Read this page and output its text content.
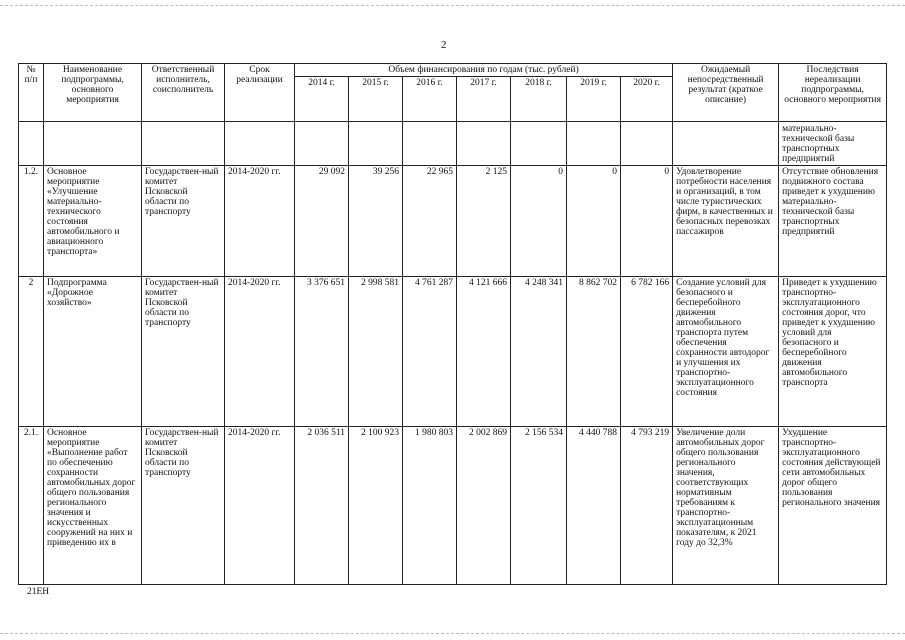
2
№ п/п	Наименование подпрограммы, основного мероприятия	Ответственный исполнитель, соисполнитель	Срок реализации	Объем финансирования по годам (тыс. рублей)							Ожидаемый непосредственный результат (краткое описание)	Последствия нереализации подпрограммы, основного мероприятия
				2014 г.	2015 г.	2016 г.	2017 г.	2018 г.	2019 г.	2020 г.		
												материально-технической базы транспортных предприятий
1.2.	Основное мероприятие «Улучшение материально-технического состояния автомобильного и авиационного транспорта»	Государствен-ный комитет Псковской области по транспорту	2014-2020 гг.	29 092	39 256	22 965	2 125	0	0	0	Удовлетворение потребности населения и организаций, в том числе туристических фирм, в качественных и безопасных перевозках пассажиров	Отсутствие обновления подвижного состава приведет к ухудшению материально-технической базы транспортных предприятий
2	Подпрограмма «Дорожное хозяйство»	Государствен-ный комитет Псковской области по транспорту	2014-2020 гг.	3 376 651	2 998 581	4 761 287	4 121 666	4 248 341	8 862 702	6 782 166	Создание условий для безопасного и бесперебойного движения автомобильного транспорта путем обеспечения сохранности автодорог и улучшения их транспортно-эксплуатационного состояния	Приведет к ухудшению транспортно-эксплуатационного состояния дорог, что приведет к ухудшению условий для безопасного и бесперебойного движения автомобильного транспорта
2.1.	Основное мероприятие «Выполнение работ по обеспечению сохранности автомобильных дорог общего пользования регионального значения и искусственных сооружений на них и приведению их в	Государствен-ный комитет Псковской области по транспорту	2014-2020 гг.	2 036 511	2 100 923	1 980 803	2 002 869	2 156 534	4 440 788	4 793 219	Увеличение доли автомобильных дорог общего пользования регионального значения, соответствующих нормативным требованиям к транспортно-эксплуатационным показателям, к 2021 году до 32,3%	Ухудшение транспортно-эксплуатационного состояния действующей сети автомобильных дорог общего пользования регионального значения
21ЕН
